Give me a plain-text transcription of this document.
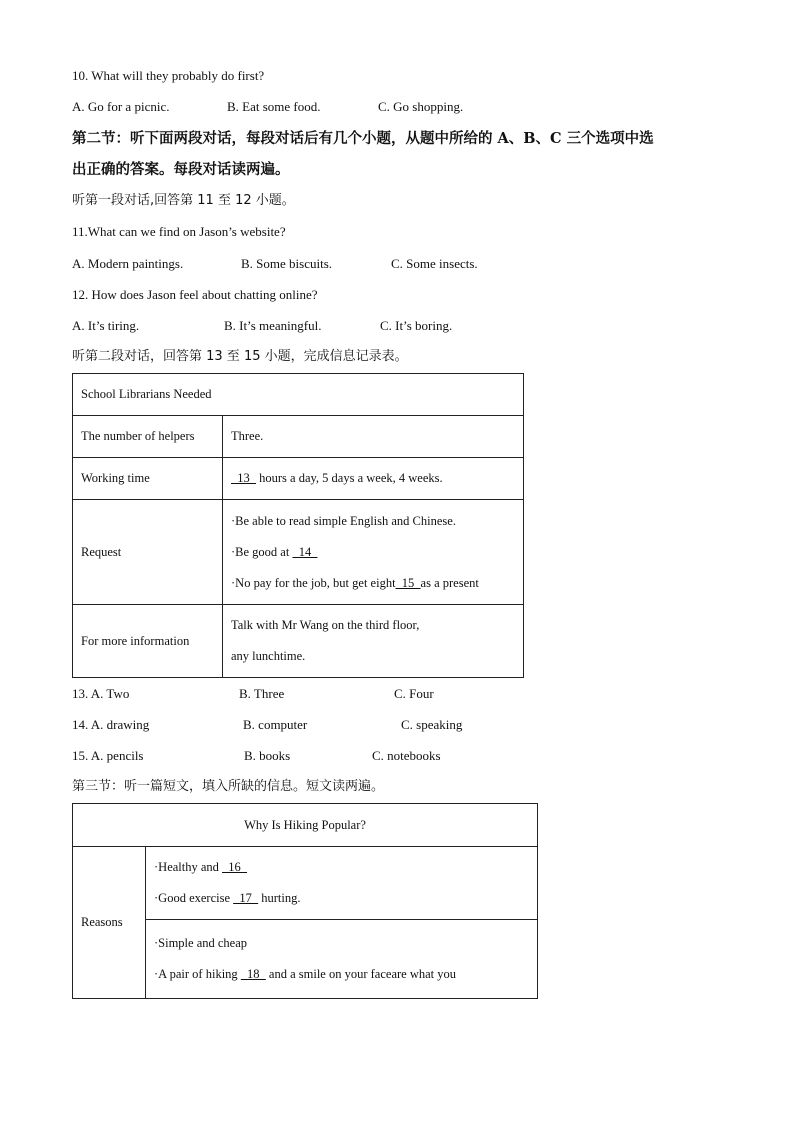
10. What will they probably do first?
A. Go for a picnic.	B. Eat some food.	C. Go shopping.
第二节：听下面两段对话，每段对话后有几个小题，从题中所给的 A、B、C 三个选项中选
出正确的答案。每段对话读两遍。
听第一段对话,回答第 11 至 12 小题。
11.What can we find on Jason’s website?
A. Modern paintings.	B. Some biscuits.	C. Some insects.
12. How does Jason feel about chatting online?
A. It’s tiring.	B. It’s meaningful.	C. It’s boring.
听第二段对话，回答第 13 至 15 小题，完成信息记录表。
School Librarians Needed	
The number of helpers	Three.
Working time	13   hours a day, 5 days a week, 4 weeks.
Request	·Be able to read simple English and Chinese.
·Be good at   14
·No pay for the job, but get eight  15  as a present

For more information	Talk with Mr Wang on the third floor,
any lunchtime.
13. A. Two	B. Three	C. Four
14. A. drawing	B. computer	C. speaking
15. A. pencils	B. books	C. notebooks
第三节：听一篇短文，填入所缺的信息。短文读两遍。
Why Is Hiking Popular?
Reasons	
·Healthy and   16
·Good exercise   17   hurting.

·Simple and cheap
·A pair of hiking   18   and a smile on your faceare what you
